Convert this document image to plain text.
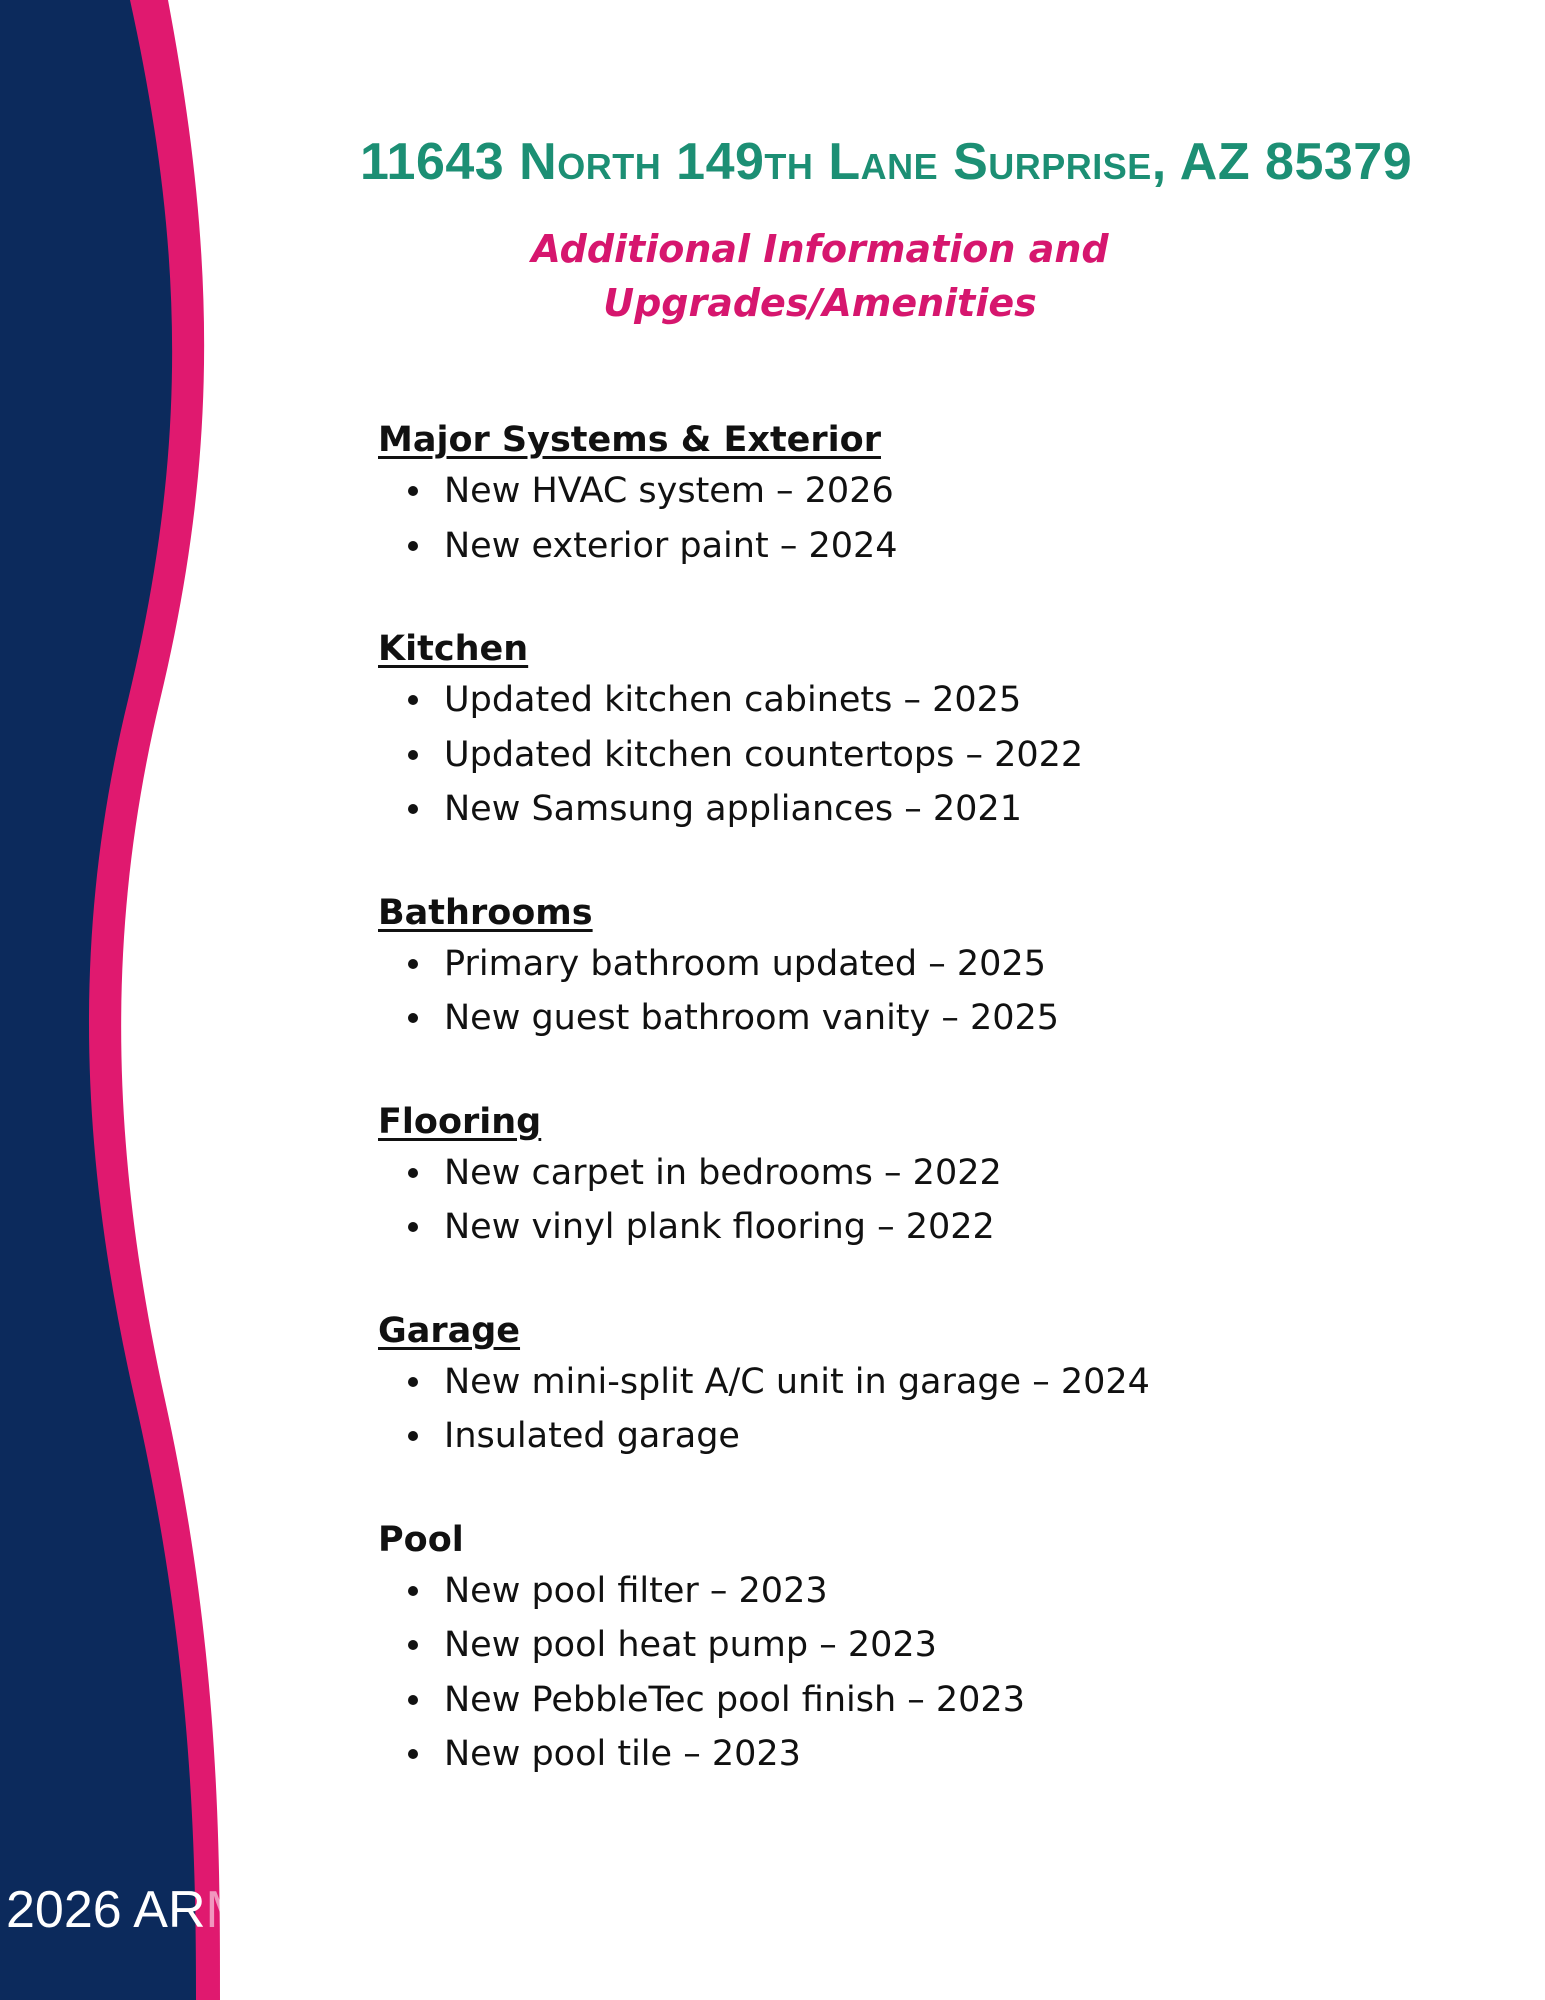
11643 North 149th Lane Surprise, AZ 85379
Additional Information and
Upgrades/Amenities
Major Systems & Exterior
New HVAC system – 2026
New exterior paint – 2024
Kitchen
Updated kitchen cabinets – 2025
Updated kitchen countertops – 2022
New Samsung appliances – 2021
Bathrooms
Primary bathroom updated – 2025
New guest bathroom vanity – 2025
Flooring
New carpet in bedrooms – 2022
New vinyl plank flooring – 2022
Garage
New mini-split A/C unit in garage – 2024
Insulated garage
Pool
New pool filter – 2023
New pool heat pump – 2023
New PebbleTec pool finish – 2023
New pool tile – 2023
2026 ARMLS
